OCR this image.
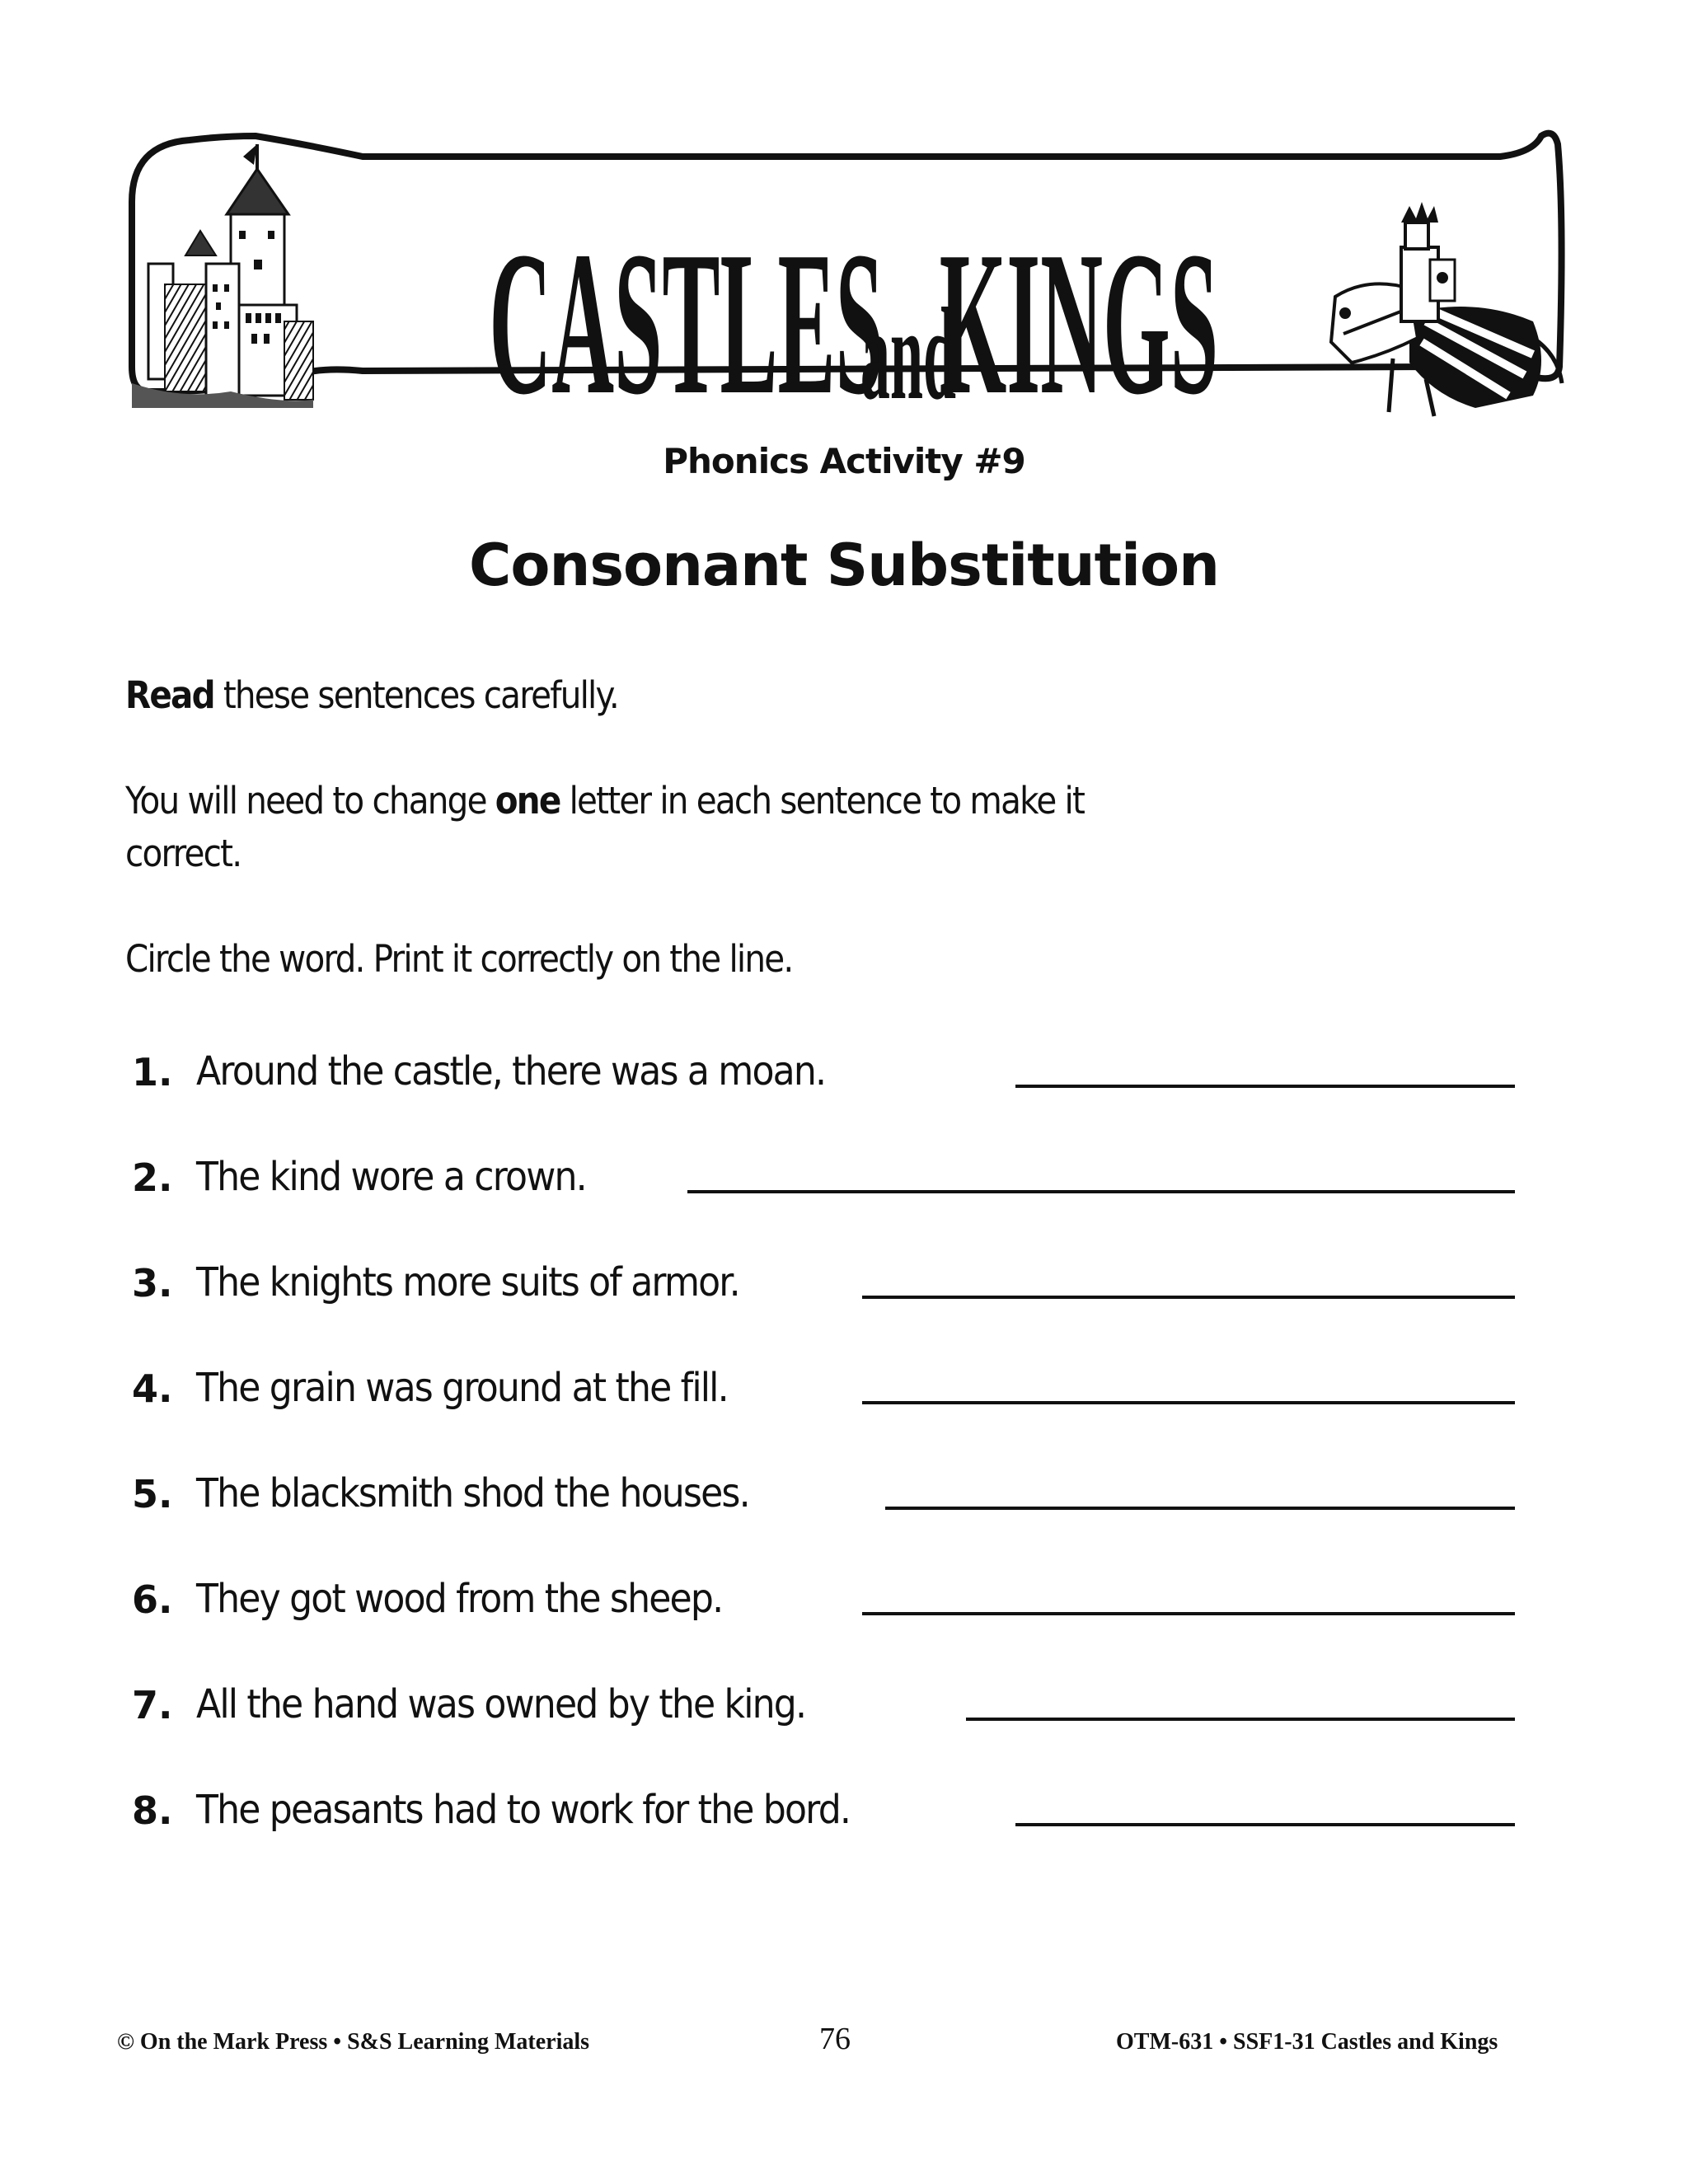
CASTLES
and
KINGS
Phonics Activity #9
Consonant Substitution
Read these sentences carefully.
You will need to change one letter in each sentence to make it
correct.
Circle the word. Print it correctly on the line.
1. Around the castle, there was a moan.
2. The kind wore a crown.
3. The knights more suits of armor.
4. The grain was ground at the fill.
5. The blacksmith shod the houses.
6. They got wood from the sheep.
7. All the hand was owned by the king.
8. The peasants had to work for the bord.
© On the Mark Press • S&S Learning Materials	76	OTM-631 • SSF1-31 Castles and Kings
